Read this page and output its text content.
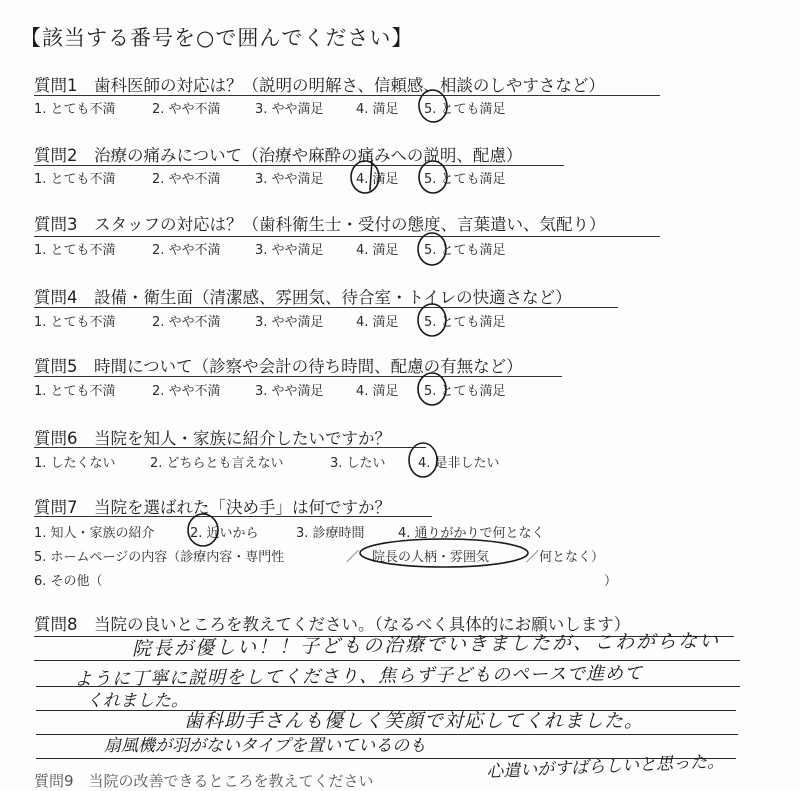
【該当する番号を○で囲んでください】
質問1　歯科医師の対応は？（説明の明解さ、信頼感、相談のしやすさなど）
1. とても不満	2. やや不満	3. やや満足 4. 満足 5. とても満足
質問2　治療の痛みについて（治療や麻酔の痛みへの説明、配慮）
1. とても不満	2. やや不満	3. やや満足 4. 満足 5. とても満足
質問3　スタッフの対応は？（歯科衛生士・受付の態度、言葉遣い、気配り）
1. とても不満	2. やや不満	3. やや満足 4. 満足 5. とても満足
質問4　設備・衛生面（清潔感、雰囲気、待合室・トイレの快適さなど）
1. とても不満	2. やや不満	3. やや満足 4. 満足 5. とても満足
質問5　時間について（診察や会計の待ち時間、配慮の有無など）
1. とても不満	2. やや不満	3. やや満足 4. 満足 5. とても満足
質問6　当院を知人・家族に紹介したいですか？
1. したくない	2. どちらとも言えない	3. したい 4. 是非したい
質問7　当院を選ばれた「決め手」は何ですか？
1. 知人・家族の紹介	2. 近いから	3. 診療時間	4. 通りがかりで何となく
5. ホームページの内容（診療内容・専門性	／ 院長の人柄・雰囲気	／何となく）
6. その他（	）
質問8　当院の良いところを教えてください。（なるべく具体的にお願いします）
院長が優しい！！子どもの治療でいきましたが、こわがらない
ように丁寧に説明をしてくださり、焦らず子どものペースで進めて
くれました。
歯科助手さんも優しく笑顔で対応してくれました。
扇風機が羽がないタイプを置いているのも
心遣いがすばらしいと思った。
質問9　当院の改善できるところを教えてください
